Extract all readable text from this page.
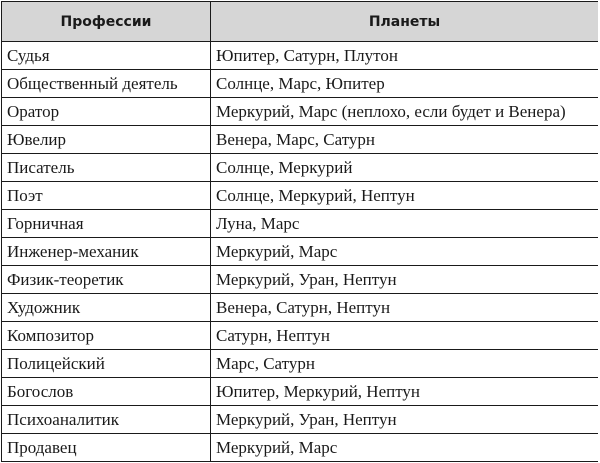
Профессии	Планеты
Судья	Юпитер, Сатурн, Плутон
Общественный деятель	Солнце, Марс, Юпитер
Оратор	Меркурий, Марс (неплохо, если будет и Венера)
Ювелир	Венера, Марс, Сатурн
Писатель	Солнце, Меркурий
Поэт	Солнце, Меркурий, Нептун
Горничная	Луна, Марс
Инженер-механик	Меркурий, Марс
Физик-теоретик	Меркурий, Уран, Нептун
Художник	Венера, Сатурн, Нептун
Композитор	Сатурн, Нептун
Полицейский	Марс, Сатурн
Богослов	Юпитер, Меркурий, Нептун
Психоаналитик	Меркурий, Уран, Нептун
Продавец	Меркурий, Марс
